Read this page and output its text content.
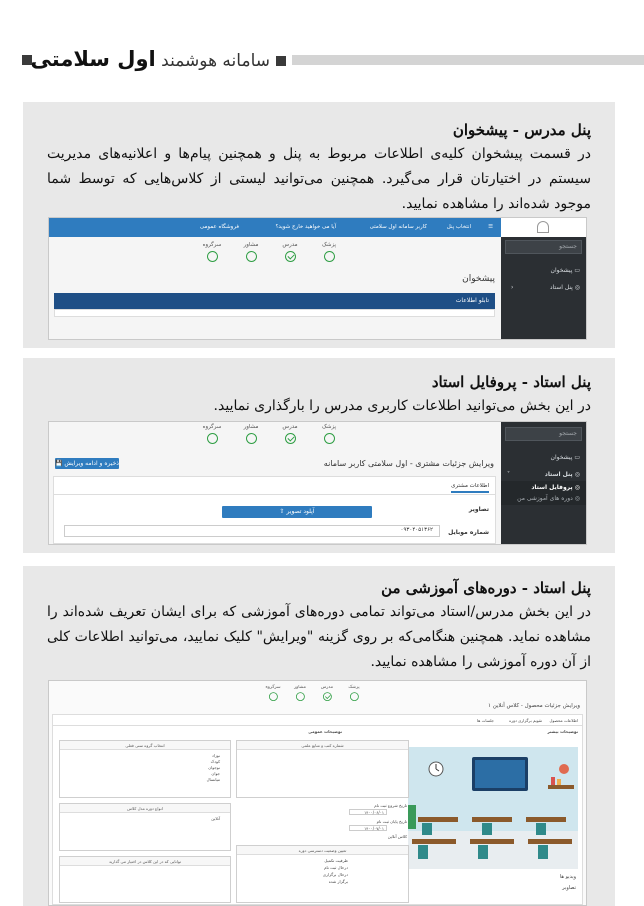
سامانه هوشمند اول سلامتی
پنل مدرس - پیشخوان

در قسمت پیشخوان کلیه‌ی اطلاعات مربوط به پنل و همچنین پیام‌ها و اعلانیه‌های مدیریت سیستم در اختیارتان قرار می‌گیرد. همچنین می‌توانید لیستی از کلاس‌هایی که توسط شما موجود شده‌اند را مشاهده نمایید.

جستجو
▭ پیشخوان
◎ پنل استاد
‹
☰
انتخاب پنل
کاربر سامانه اول سلامتی
آیا می خواهید خارج شوید؟
فروشگاه عمومی
پزشک
مدرس
مشاور
سرگروه
پیشخوان
تابلو اطلاعات
پنل استاد - پروفایل استاد

در این بخش می‌توانید اطلاعات کاربری مدرس را بارگذاری نمایید.

جستجو
▭ پیشخوان
◎ پنل استاد
˅
◎ پروفایل استاد
◎ دوره های آموزشی من
پزشک
مدرس
مشاور
سرگروه
ویرایش جزئیات مشتری - اول سلامتی کاربر سامانه
💾 ذخیره و ادامه ویرایش
اطلاعات مشتری
تصاویر
⇧ آپلود تصویر
شماره موبایل
۰۹۳۰۴۰۵۱۳۶۲
پنل استاد - دوره‌های آموزشی من

در این بخش مدرس/استاد می‌تواند تمامی دوره‌های آموزشی که برای ایشان تعریف شده‌اند را مشاهده نماید. همچنین هنگامی‌که بر روی گزینه "ویرایش" کلیک نمایید، می‌توانید اطلاعات کلی از آن دوره آموزشی را مشاهده نمایید.

پزشک
مدرس
مشاور
سرگروه
ویرایش جزئیات محصول - کلاس آنلاین ۱
اطلاعات محصول
تقویم برگزاری دوره
جلسات ها
توضیحات بیشتر
توضیحات عمومی
ویدیو ها
تصاویر
شماره کتب و منابع علمی
تاریخ شروع ثبت نام
۱۴۰۰/۰۶/۰۱
تاریخ پایان ثبت نام
۱۴۰۰/۰۷/۰۱
کلاس آنلاین
تعیین وضعیت دسترسی دوره
ظرفیت تکمیل
درحال ثبت نام
درحال برگزاری
برگزار شده
انتخاب گروه سنی فعلی
نوزاد
کودک
نوجوان
جوان
میانسال
انواع دوره مدل کلاس
آنلاین
توانایی که در این کلاس در اختیار می گذارید
